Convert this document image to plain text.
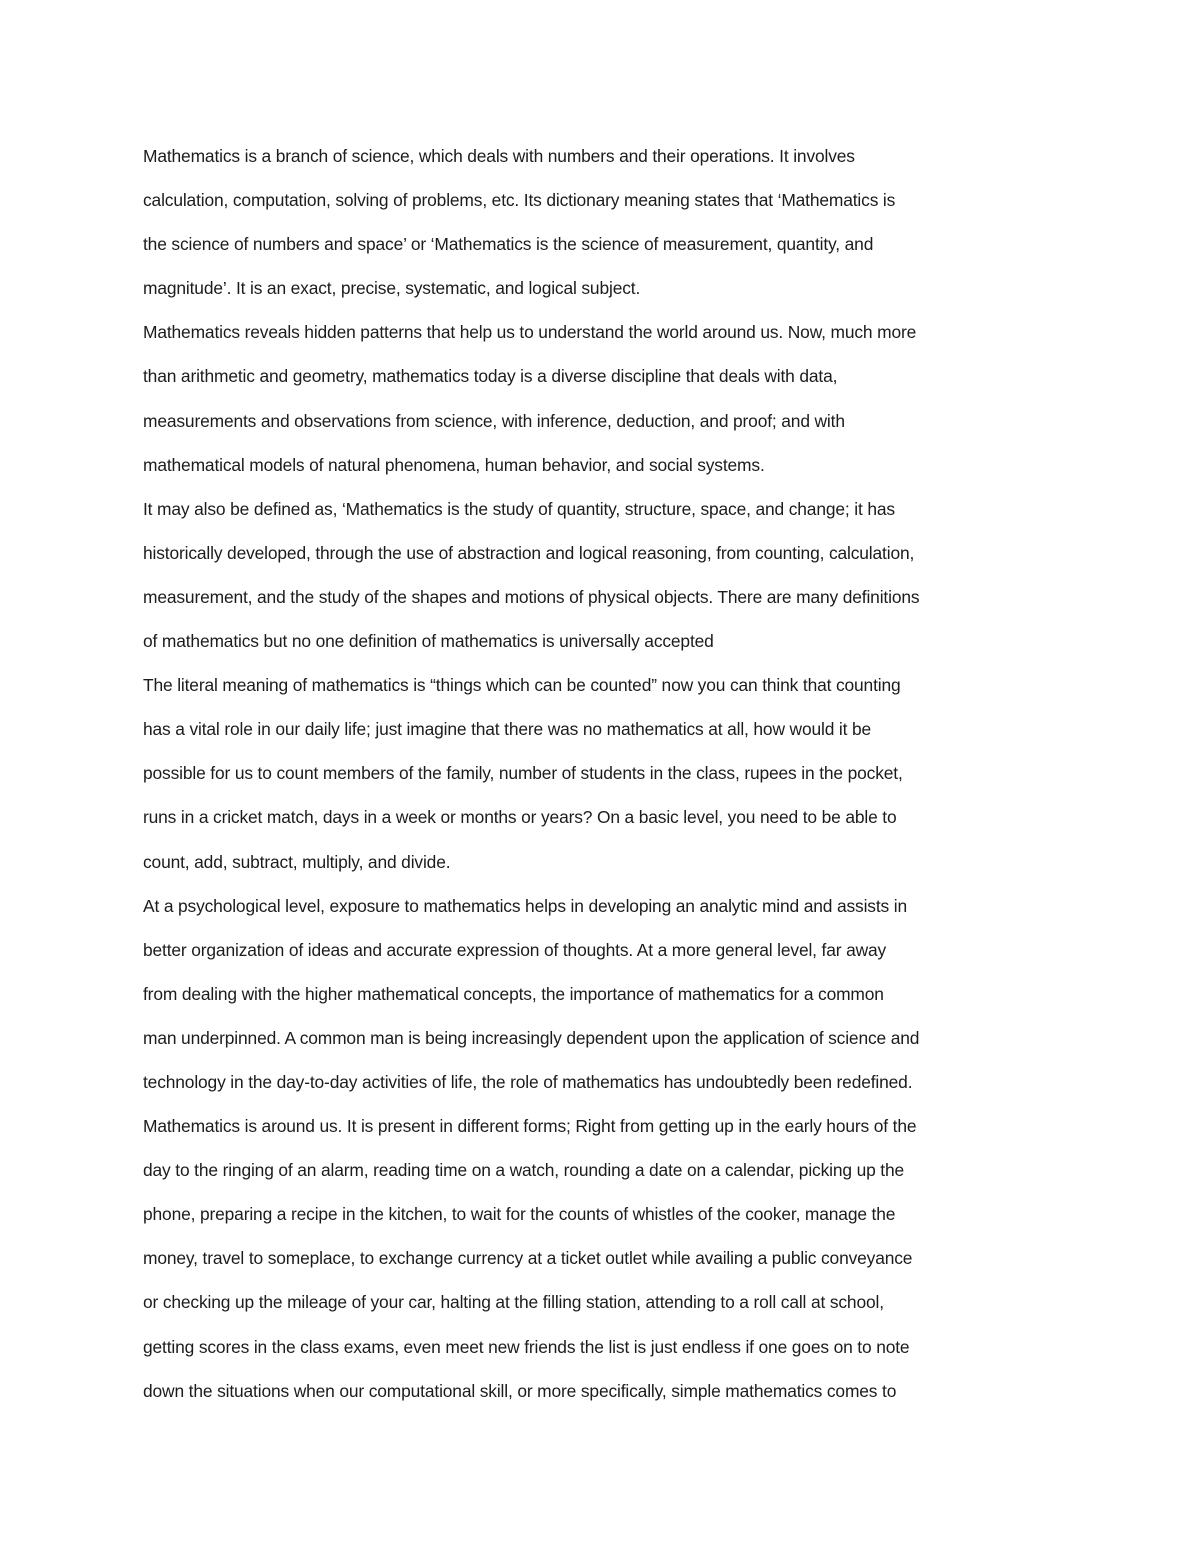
Mathematics is a branch of science, which deals with numbers and their operations. It involves
calculation, computation, solving of problems, etc. Its dictionary meaning states that ‘Mathematics is
the science of numbers and space’ or ‘Mathematics is the science of measurement, quantity, and
magnitude’. It is an exact, precise, systematic, and logical subject.
Mathematics reveals hidden patterns that help us to understand the world around us. Now, much more
than arithmetic and geometry, mathematics today is a diverse discipline that deals with data,
measurements and observations from science, with inference, deduction, and proof; and with
mathematical models of natural phenomena, human behavior, and social systems.
It may also be defined as, ‘Mathematics is the study of quantity, structure, space, and change; it has
historically developed, through the use of abstraction and logical reasoning, from counting, calculation,
measurement, and the study of the shapes and motions of physical objects. There are many definitions
of mathematics but no one definition of mathematics is universally accepted
The literal meaning of mathematics is “things which can be counted” now you can think that counting
has a vital role in our daily life; just imagine that there was no mathematics at all, how would it be
possible for us to count members of the family, number of students in the class, rupees in the pocket,
runs in a cricket match, days in a week or months or years? On a basic level, you need to be able to
count, add, subtract, multiply, and divide.
At a psychological level, exposure to mathematics helps in developing an analytic mind and assists in
better organization of ideas and accurate expression of thoughts. At a more general level, far away
from dealing with the higher mathematical concepts, the importance of mathematics for a common
man underpinned. A common man is being increasingly dependent upon the application of science and
technology in the day-to-day activities of life, the role of mathematics has undoubtedly been redefined.
Mathematics is around us. It is present in different forms; Right from getting up in the early hours of the
day to the ringing of an alarm, reading time on a watch, rounding a date on a calendar, picking up the
phone, preparing a recipe in the kitchen, to wait for the counts of whistles of the cooker, manage the
money, travel to someplace, to exchange currency at a ticket outlet while availing a public conveyance
or checking up the mileage of your car, halting at the filling station, attending to a roll call at school,
getting scores in the class exams, even meet new friends the list is just endless if one goes on to note
down the situations when our computational skill, or more specifically, simple mathematics comes to
